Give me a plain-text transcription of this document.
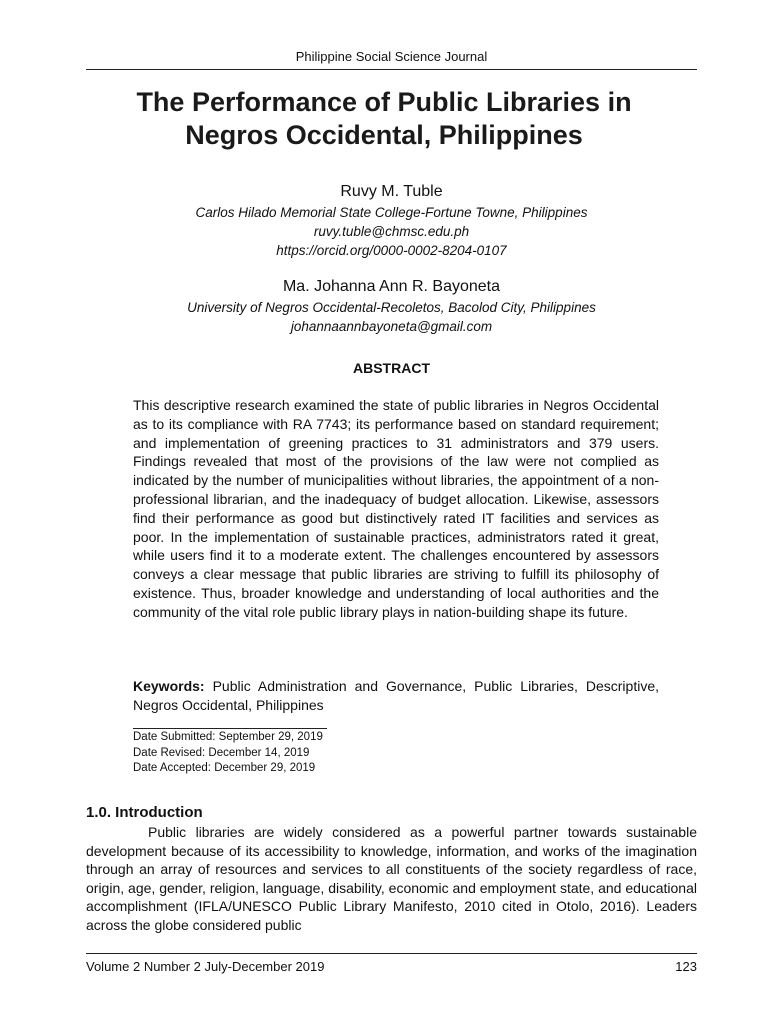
Philippine Social Science Journal
The Performance of Public Libraries in
Negros Occidental, Philippines
Ruvy M. Tuble
Carlos Hilado Memorial State College-Fortune Towne, Philippines
ruvy.tuble@chmsc.edu.ph
https://orcid.org/0000-0002-8204-0107
Ma. Johanna Ann R. Bayoneta
University of Negros Occidental-Recoletos, Bacolod City, Philippines
johannaannbayoneta@gmail.com
ABSTRACT
This descriptive research examined the state of public libraries in Negros Occidental as to its compliance with RA 7743; its performance based on standard requirement; and implementation of greening practices to 31 administrators and 379 users. Findings revealed that most of the provisions of the law were not complied as indicated by the number of municipalities without libraries, the appointment of a non-professional librarian, and the inadequacy of budget allocation. Likewise, assessors find their performance as good but distinctively rated IT facilities and services as poor. In the implementation of sustainable practices, administrators rated it great, while users find it to a moderate extent. The challenges encountered by assessors conveys a clear message that public libraries are striving to fulfill its philosophy of existence. Thus, broader knowledge and understanding of local authorities and the community of the vital role public library plays in nation-building shape its future.
Keywords: Public Administration and Governance, Public Libraries, Descriptive, Negros Occidental, Philippines
Date Submitted: September 29, 2019
Date Revised: December 14, 2019
Date Accepted: December 29, 2019
1.0. Introduction
Public libraries are widely considered as a powerful partner towards sustainable development because of its accessibility to knowledge, information, and works of the imagination through an array of resources and services to all constituents of the society regardless of race, origin, age, gender, religion, language, disability, economic and employment state, and educational accomplishment (IFLA/UNESCO Public Library Manifesto, 2010 cited in Otolo, 2016). Leaders across the globe considered public
Volume 2 Number 2 July-December 2019	123
